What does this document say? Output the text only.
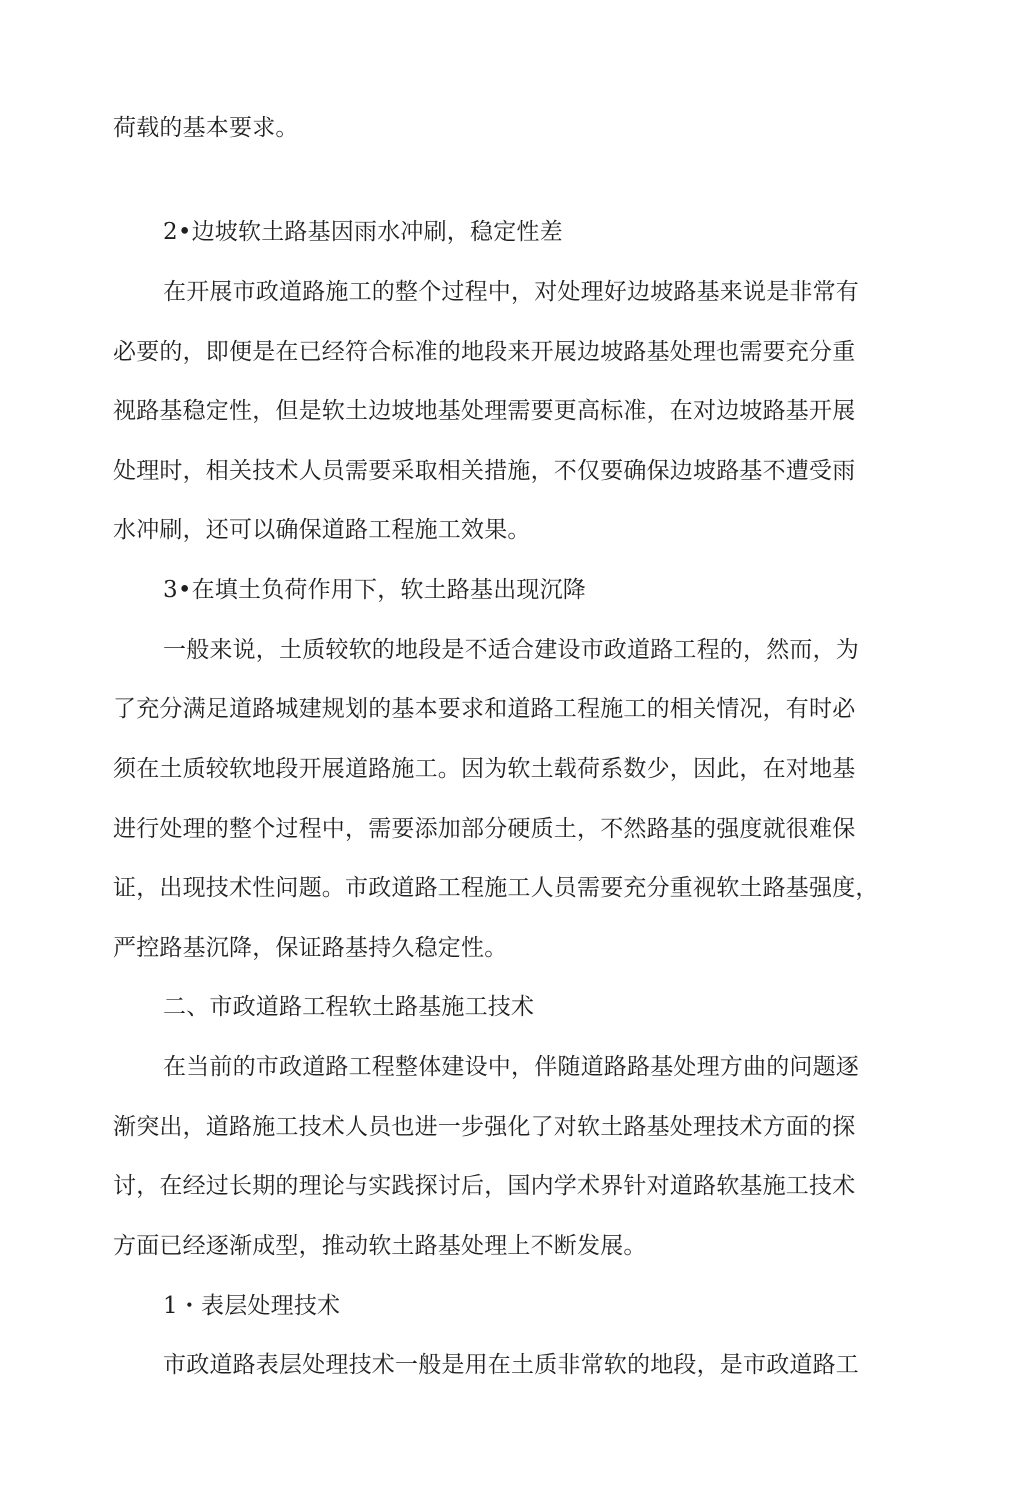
荷载的基本要求。
2•边坡软土路基因雨水冲刷，稳定性差
在开展市政道路施工的整个过程中，对处理好边坡路基来说是非常有
必要的，即便是在已经符合标准的地段来开展边坡路基处理也需要充分重
视路基稳定性，但是软土边坡地基处理需要更高标准，在对边坡路基开展
处理时，相关技术人员需要采取相关措施，不仅要确保边坡路基不遭受雨
水冲刷，还可以确保道路工程施工效果。
3•在填土负荷作用下，软土路基出现沉降
一般来说，土质较软的地段是不适合建设市政道路工程的，然而，为
了充分满足道路城建规划的基本要求和道路工程施工的相关情况，有时必
须在土质较软地段开展道路施工。因为软土载荷系数少，因此，在对地基
进行处理的整个过程中，需要添加部分硬质土，不然路基的强度就很难保
证，出现技术性问题。市政道路工程施工人员需要充分重视软土路基强度，
严控路基沉降，保证路基持久稳定性。
二、市政道路工程软土路基施工技术
在当前的市政道路工程整体建设中，伴随道路路基处理方曲的问题逐
渐突出，道路施工技术人员也进一步强化了对软土路基处理技术方面的探
讨，在经过长期的理论与实践探讨后，国内学术界针对道路软基施工技术
方面已经逐渐成型，推动软土路基处理上不断发展。
1・表层处理技术
市政道路表层处理技术一般是用在土质非常软的地段，是市政道路工
